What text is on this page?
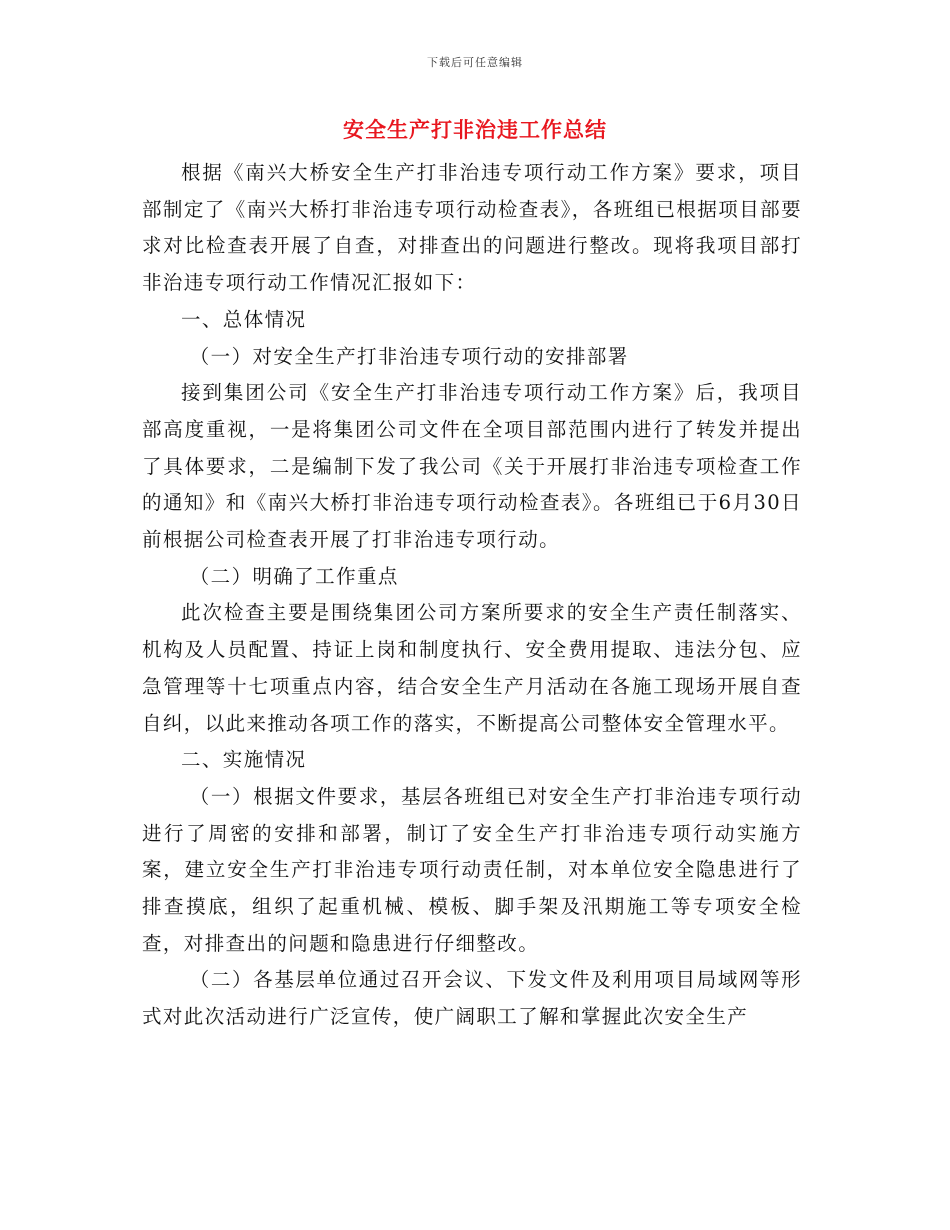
下载后可任意编辑
安全生产打非治违工作总结

根据《南兴大桥安全生产打非治违专项行动工作方案》要求，项目部制定了《南兴大桥打非治违专项行动检查表》，各班组已根据项目部要求对比检查表开展了自查，对排查出的问题进行整改。现将我项目部打非治违专项行动工作情况汇报如下：

一、总体情况

（一）对安全生产打非治违专项行动的安排部署

接到集团公司《安全生产打非治违专项行动工作方案》后，我项目部高度重视，一是将集团公司文件在全项目部范围内进行了转发并提出了具体要求，二是编制下发了我公司《关于开展打非治违专项检查工作的通知》和《南兴大桥打非治违专项行动检查表》。各班组已于6月30日前根据公司检查表开展了打非治违专项行动。

（二）明确了工作重点

此次检查主要是围绕集团公司方案所要求的安全生产责任制落实、机构及人员配置、持证上岗和制度执行、安全费用提取、违法分包、应急管理等十七项重点内容，结合安全生产月活动在各施工现场开展自查自纠，以此来推动各项工作的落实，不断提高公司整体安全管理水平。

二、实施情况

（一）根据文件要求，基层各班组已对安全生产打非治违专项行动进行了周密的安排和部署，制订了安全生产打非治违专项行动实施方案，建立安全生产打非治违专项行动责任制，对本单位安全隐患进行了排查摸底，组织了起重机械、模板、脚手架及汛期施工等专项安全检查，对排查出的问题和隐患进行仔细整改。

（二）各基层单位通过召开会议、下发文件及利用项目局域网等形式对此次活动进行广泛宣传，使广阔职工了解和掌握此次安全生产
